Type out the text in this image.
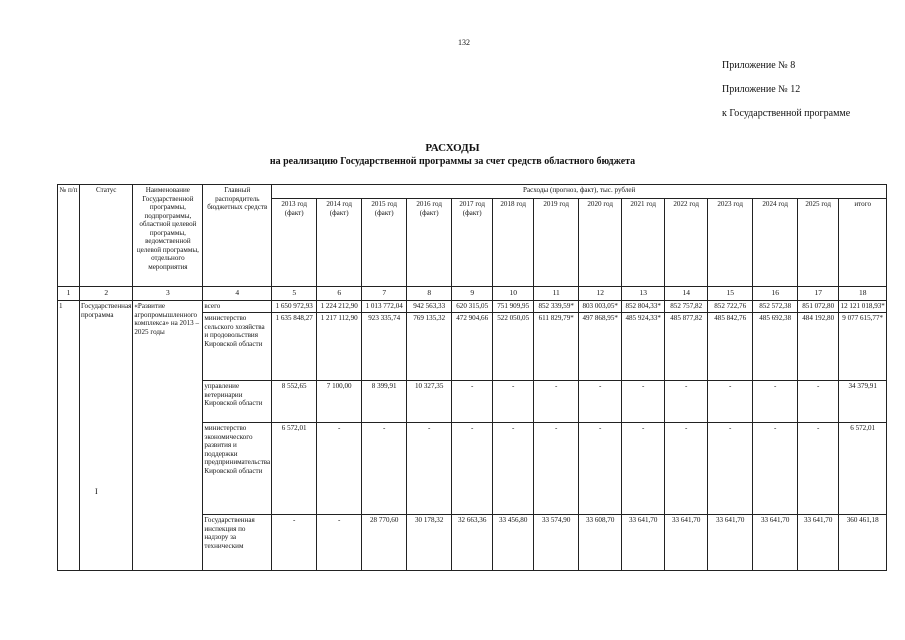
132
Приложение № 8
Приложение № 12
к Государственной программе
РАСХОДЫ
на реализацию Государственной программы за счет средств областного бюджета
№ п/п	Статус	Наименование Государственной программы, подпрограммы, областной целевой программы, ведомственной целевой программы, отдельного мероприятия	Главный распорядитель бюджетных средств	Расходы (прогноз, факт), тыс. рублей													
				2013 год (факт)	2014 год (факт)	2015 год (факт)	2016 год (факт)	2017 год (факт)	2018 год	2019 год	2020 год	2021 год	2022 год	2023 год	2024 год	2025 год	итого
1	2	3	4	5	6	7	8	9	10	11	12	13	14	15	16	17	18
1	Государственная программа	«Развитие агропромышленного комплекса» на 2013 – 2025 годы	всего	1 650 972,93	1 224 212,90	1 013 772,04	942 563,33	620 315,05	751 909,95	852 339,59*	803 003,05*	852 804,33*	852 757,82	852 722,76	852 572,38	851 072,80	12 121 018,93*
			министерство сельского хозяйства и продовольствия Кировской области	1 635 848,27	1 217 112,90	923 335,74	769 135,32	472 904,66	522 050,05	611 829,79*	497 868,95*	485 924,33*	485 877,82	485 842,76	485 692,38	484 192,80	9 077 615,77*
			управление ветеринарии Кировской области	8 552,65	7 100,00	8 399,91	10 327,35	-	-	-	-	-	-	-	-	-	34 379,91
			министерство экономического развития и поддержки предпринимательства Кировской области	6 572,01	-	-	-	-	-	-	-	-	-	-	-	-	6 572,01
			Государственная инспекция по надзору за техническим	-	-	28 770,60	30 178,32	32 663,36	33 456,80	33 574,90	33 608,70	33 641,70	33 641,70	33 641,70	33 641,70	33 641,70	360 461,18
I
